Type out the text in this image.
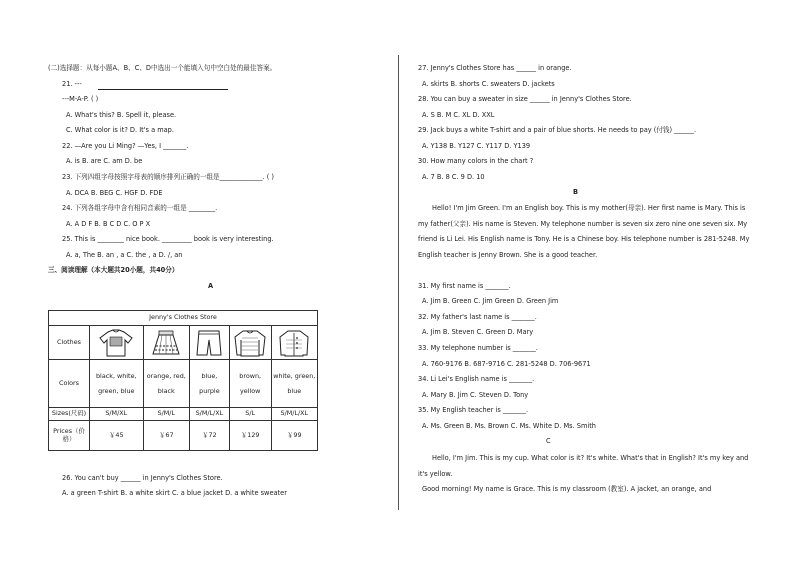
(二)选择题：从每小题A、B、C、D中选出一个能填入句中空白处的最佳答案。
21. ---
---M-A-P. ( )
A. What's this? B. Spell it, please.
C. What color is it? D. It's a map.
22. —Are you Li Ming? —Yes, I _______.
A. is B. are C. am D. be
23. 下列四组字母按照字母表的顺序排列正确的一组是_____________. ( )
A. DCA B. BEG C. HGF D. FDE
24. 下列各组字母中含有相同音素的一组是 ________.
A. A D F B. B C D C. O P X
25. This is ________ nice book. _________ book is very interesting.
A. a, The B. an , a C. the , a D. /, an
三、阅读理解（本大题共20小题，共40分）
A
Jenny's Clothes Store					
Clothes	

Colors	black, white, green, blue	orange, red, black	blue, purple	brown, yellow	white, green, blue
Sizes(尺码)	S/M/XL	S/M/L	S/M/L/XL	S/L	S/M/L/XL
Prices（价格）	￥45	￥67	￥72	￥129	￥99
26. You can't buy ______ in Jenny's Clothes Store.
A. a green T-shirt B. a white skirt C. a blue jacket D. a white sweater
27. Jenny's Clothes Store has ______ in orange.
A. skirts B. shorts C. sweaters D. jackets
28. You can buy a sweater in size ______ in Jenny's Clothes Store.
A. S B. M C. XL D. XXL
29. Jack buys a white T-shirt and a pair of blue shorts. He needs to pay (付钱) ______.
A. Y138 B. Y127 C. Y117 D. Y139
30. How many colors in the chart ?
A. 7 B. 8 C. 9 D. 10
B
Hello! I'm Jim Green. I'm an English boy. This is my mother(母亲). Her first name is Mary. This is my father(父亲). His name is Steven. My telephone number is seven six zero nine one seven six. My friend is Li Lei. His English name is Tony. He is a Chinese boy. His telephone number is 281-5248. My English teacher is Jenny Brown. She is a good teacher.
31. My first name is _______.
A. Jim B. Green C. Jim Green D. Green Jim
32. My father's last name is _______.
A. Jim B. Steven C. Green D. Mary
33. My telephone number is _______.
A. 760-9176 B. 687-9716 C. 281-5248 D. 706-9671
34. Li Lei's English name is _______.
A. Mary B. Jim C. Steven D. Tony
35. My English teacher is _______.
A. Ms. Green B. Ms. Brown C. Ms. White D. Ms. Smith
C
Hello, I'm Jim. This is my cup. What color is it? It's white. What's that in English? It's my key and it's yellow.
Good morning! My name is Grace. This is my classroom (教室). A jacket, an orange, and
